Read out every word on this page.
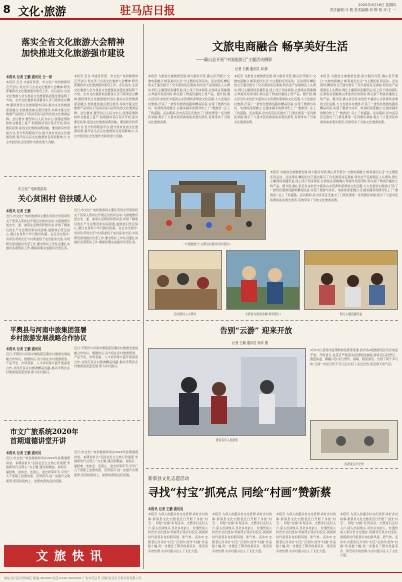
8 文化·旅游	驻马店日报	2020年4月16日 星期四
责任编辑:马 骏 美术编辑:刘 辉 校 对:王 一
落实全省文化旅游大会精神
加快推进文化旅游强市建设
本报讯 记者 王鹏 通讯员 仝一春
本报讯 近日,市委宣传部、市文化广电和旅游局召开会议,传达学习全省文化旅游大会精神,研究部署我市文化旅游强市建设工作。会议指出,全省文化旅游大会为我省文化旅游高质量发展指明了方向。全市文化旅游系统要深入学习贯彻会议精神,围绕建设文化旅游强市目标,推动文化和旅游深度融合,加快推进重点项目建设,持续丰富文化旅游产品供给,打造具有驻马店特色的文化旅游品牌。会议要求,要坚持以人民为中心,统筹疫情防控和文旅复工复产,积极推动景区有序开放,落实惠民政策,促进文化旅游消费回暖。要创新宣传营销方式,充分利用网络平台,推介我市优质文化旅游资源,提升驻马店文化旅游知名度和影响力,为全市经济社会发展作出新的更大贡献。
本报讯 近日,市委宣传部、市文化广电和旅游局召开会议,传达学习全省文化旅游大会精神,研究部署我市文化旅游强市建设工作。会议指出,全省文化旅游大会为我省文化旅游高质量发展指明了方向。全市文化旅游系统要深入学习贯彻会议精神,围绕建设文化旅游强市目标,推动文化和旅游深度融合,加快推进重点项目建设,持续丰富文化旅游产品供给,打造具有驻马店特色的文化旅游品牌。会议要求,要坚持以人民为中心,统筹疫情防控和文旅复工复产,积极推动景区有序开放,落实惠民政策,促进文化旅游消费回暖。要创新宣传营销方式,充分利用网络平台,推介我市优质文化旅游资源,提升驻马店文化旅游知名度和影响力,为全市经济社会发展作出新的更大贡献。
市文化广电和旅游局
关心贫困村 倍扶暖人心
本报讯 记者 王鹏
近日,市文化广电和旅游局主要负责同志带领局机关干部深入帮扶村开展走访慰问活动,为困难群众送去米、面、油等生活物资和慰问金,详细了解他们的生产生活情况和实际困难,鼓励他们坚定信心,通过自身努力早日脱贫致富。在走访过程中,该局负责同志还与村两委班子成员座谈交流,共同研究谋划脱贫攻坚工作,要求帮扶工作队员要扎实做好各项帮扶工作,确保如期完成脱贫攻坚任务。
近日,市文化广电和旅游局主要负责同志带领局机关干部深入帮扶村开展走访慰问活动,为困难群众送去米、面、油等生活物资和慰问金,详细了解他们的生产生活情况和实际困难,鼓励他们坚定信心,通过自身努力早日脱贫致富。在走访过程中,该局负责同志还与村两委班子成员座谈交流,共同研究谋划脱贫攻坚工作,要求帮扶工作队员要扎实做好各项帮扶工作,确保如期完成脱贫攻坚任务。
平舆县与河南中旅集团签署
乡村旅游发展战略合作协议
本报讯 记者 王鹏 通讯员
近日,平舆县与河南中旅集团签署乡村旅游发展战略合作协议。根据协议,双方将在乡村旅游规划、产品开发、市场营销、人才培训等方面开展深度合作,共同打造乡村旅游精品线路,推动平舆县乡村旅游高质量发展,助力乡村振兴。
近日,平舆县与河南中旅集团签署乡村旅游发展战略合作协议。根据协议,双方将在乡村旅游规划、产品开发、市场营销、人才培训等方面开展深度合作,共同打造乡村旅游精品线路,推动平舆县乡村旅游高质量发展,助力乡村振兴。
市文广旅系统2020年
首期道德讲堂开讲
本报讯 记者 王鹏 通讯员
近日,市文化广电和旅游局举办2020年首期道德讲堂。本期讲堂以“弘扬社会主义核心价值观 争做新时代文明人”为主题,通过唱歌曲、看短片、诵经典、谈体会、发善心、送吉祥等环节,引导广大干部职工崇德向善、见贤思齐,进一步提升文明素养,营造积极向上、崇德向善的良好氛围。
近日,市文化广电和旅游局举办2020年首期道德讲堂。本期讲堂以“弘扬社会主义核心价值观 争做新时代文明人”为主题,通过唱歌曲、看短片、诵经典、谈体会、发善心、送吉祥等环节,引导广大干部职工崇德向善、见贤思齐,进一步提升文明素养,营造积极向上、崇德向善的良好氛围。
文旅快讯
文旅电商融合 畅享美好生活
——确山县开展“中国旅游日”主题活动侧影
记者 王鹏 通讯员 刘 静
本报讯 为推进全域旅游发展,助力脱贫攻坚,确山县开展以“文旅电商融合 畅享美好生活”为主题的系列活动。活动现场,精彩的文艺演出吸引了众多游客驻足观看,特色农产品展销区人头攒动,网红主播现场直播带货,线上线下同步销售,让游客在领略确山秀美风光的同时,购买到了物美价廉的土特产品。据介绍,确山县近年来依托丰富的山水资源和深厚的文化底蕴,大力发展乡村旅游,打造了一批特色旅游线路和精品民宿,实现了旅游与扶贫、电商的深度融合,让越来越多的群众吃上了“旅游饭”,走上了致富路。活动期间,县内各景区还推出了门票优惠等一系列惠民举措,吸引了大量市民和游客前来观光游览,有效带动了当地文化旅游消费。
本报讯 为推进全域旅游发展,助力脱贫攻坚,确山县开展以“文旅电商融合 畅享美好生活”为主题的系列活动。活动现场,精彩的文艺演出吸引了众多游客驻足观看,特色农产品展销区人头攒动,网红主播现场直播带货,线上线下同步销售,让游客在领略确山秀美风光的同时,购买到了物美价廉的土特产品。据介绍,确山县近年来依托丰富的山水资源和深厚的文化底蕴,大力发展乡村旅游,打造了一批特色旅游线路和精品民宿,实现了旅游与扶贫、电商的深度融合,让越来越多的群众吃上了“旅游饭”,走上了致富路。活动期间,县内各景区还推出了门票优惠等一系列惠民举措,吸引了大量市民和游客前来观光游览,有效带动了当地文化旅游消费。
本报讯 为推进全域旅游发展,助力脱贫攻坚,确山县开展以“文旅电商融合 畅享美好生活”为主题的系列活动。活动现场,精彩的文艺演出吸引了众多游客驻足观看,特色农产品展销区人头攒动,网红主播现场直播带货,线上线下同步销售,让游客在领略确山秀美风光的同时,购买到了物美价廉的土特产品。据介绍,确山县近年来依托丰富的山水资源和深厚的文化底蕴,大力发展乡村旅游,打造了一批特色旅游线路和精品民宿,实现了旅游与扶贫、电商的深度融合,让越来越多的群众吃上了“旅游饭”,走上了致富路。活动期间,县内各景区还推出了门票优惠等一系列惠民举措,吸引了大量市民和游客前来观光游览,有效带动了当地文化旅游消费。
“中国旅游日”主题活动现场(资料图片)
本报讯 为推进全域旅游发展,助力脱贫攻坚,确山县开展以“文旅电商融合 畅享美好生活”为主题的系列活动。活动现场,精彩的文艺演出吸引了众多游客驻足观看,特色农产品展销区人头攒动,网红主播现场直播带货,线上线下同步销售,让游客在领略确山秀美风光的同时,购买到了物美价廉的土特产品。据介绍,确山县近年来依托丰富的山水资源和深厚的文化底蕴,大力发展乡村旅游,打造了一批特色旅游线路和精品民宿,实现了旅游与扶贫、电商的深度融合,让越来越多的群众吃上了“旅游饭”,走上了致富路。活动期间,县内各景区还推出了门票优惠等一系列惠民举措,吸引了大量市民和游客前来观光游览,有效带动了当地文化旅游消费。
活动现场人头攒动	志愿者为游客讲解(资料图片)	网红主播直播带货
告别“云游” 迎来开放
记者 王鹏 通讯员 杨洋 摄
游客有序入园游览
4月13日,经报市疫情防控指挥部批准,我市各A级旅游景区有序恢复开放。开放首日,各景区严格落实疫情防控措施,游客需扫码登记、测量体温、佩戴口罩,实行预约、错峰、限流游览。告别了两个多月的“云游”,市民们终于可以走出家门,亲近自然,感受春天的气息。
夜游景区灯光秀
新蔡县文化志愿活动
寻找“村宝”抓亮点 同绘“村画”赞新蔡
本报讯 记者 王鹏 通讯员
本报讯 为深入挖掘乡村文化资源,讲好乡村故事,新蔡县文化志愿者近日开展了寻找“村宝”、同绘“村画”系列活动。志愿者们走村入户,深入田间地头,寻访乡村能人、非遗传承人和历史文化遗存,用画笔记录乡村变化,展现新时代新蔡乡村的新风貌、新气象。活动中,志愿者们共寻访“村宝”百余件,创作“村画”作品数十幅,进一步激发了群众热爱家乡、建设家乡的热情,为乡村振兴注入了文化力量。
本报讯 为深入挖掘乡村文化资源,讲好乡村故事,新蔡县文化志愿者近日开展了寻找“村宝”、同绘“村画”系列活动。志愿者们走村入户,深入田间地头,寻访乡村能人、非遗传承人和历史文化遗存,用画笔记录乡村变化,展现新时代新蔡乡村的新风貌、新气象。活动中,志愿者们共寻访“村宝”百余件,创作“村画”作品数十幅,进一步激发了群众热爱家乡、建设家乡的热情,为乡村振兴注入了文化力量。
本报讯 为深入挖掘乡村文化资源,讲好乡村故事,新蔡县文化志愿者近日开展了寻找“村宝”、同绘“村画”系列活动。志愿者们走村入户,深入田间地头,寻访乡村能人、非遗传承人和历史文化遗存,用画笔记录乡村变化,展现新时代新蔡乡村的新风貌、新气象。活动中,志愿者们共寻访“村宝”百余件,创作“村画”作品数十幅,进一步激发了群众热爱家乡、建设家乡的热情,为乡村振兴注入了文化力量。
本报讯 为深入挖掘乡村文化资源,讲好乡村故事,新蔡县文化志愿者近日开展了寻找“村宝”、同绘“村画”系列活动。志愿者们走村入户,深入田间地头,寻访乡村能人、非遗传承人和历史文化遗存,用画笔记录乡村变化,展现新时代新蔡乡村的新风貌、新气象。活动中,志愿者们共寻访“村宝”百余件,创作“村画”作品数十幅,进一步激发了群众热爱家乡、建设家乡的热情,为乡村振兴注入了文化力量。
地址:驻马店市驿城区 邮编:463000 电话:0396-2600000 广告许可证号 印刷:驻马店日报印务有限公司
